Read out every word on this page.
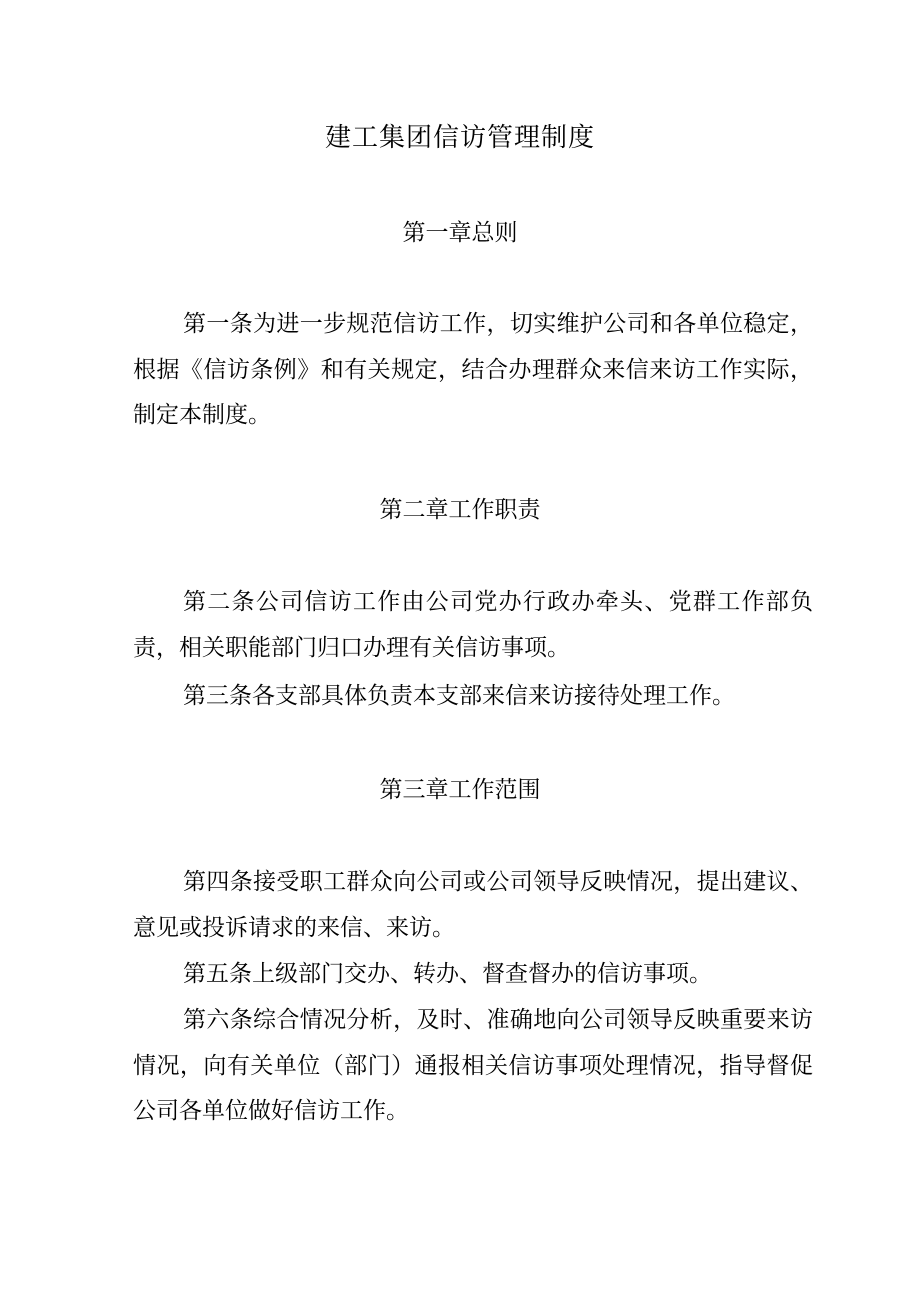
建工集团信访管理制度
第一章总则

第一条为进一步规范信访工作，切实维护公司和各单位稳定，根据《信访条例》和有关规定，结合办理群众来信来访工作实际，制定本制度。

第二章工作职责

第二条公司信访工作由公司党办行政办牵头、党群工作部负责，相关职能部门归口办理有关信访事项。

第三条各支部具体负责本支部来信来访接待处理工作。

第三章工作范围

第四条接受职工群众向公司或公司领导反映情况，提出建议、意见或投诉请求的来信、来访。

第五条上级部门交办、转办、督查督办的信访事项。

第六条综合情况分析，及时、准确地向公司领导反映重要来访情况，向有关单位（部门）通报相关信访事项处理情况，指导督促公司各单位做好信访工作。
